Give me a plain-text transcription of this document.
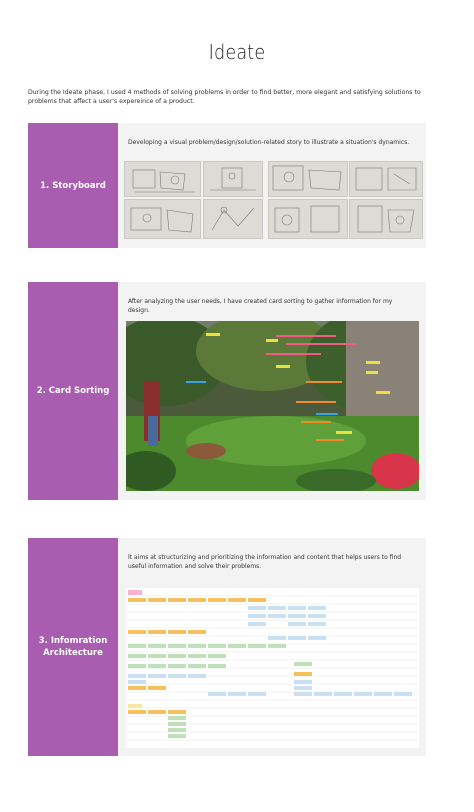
Ideate
During the Ideate phase, I used 4 methods of solving problems in order to find better, more elegant and satisfying solutions to problems that affect a user's expereince of a product.
1. Storyboard
Developing a visual problem/design/solution-related story to illustrate a situation's dynamics.
2. Card Sorting
After analyzing the user needs, I have created card sorting to gather information for my design.
3. Infomration
Architecture
It aims at structurizing and prioritizing the information and content that helps users to find useful information and solve their problems.
